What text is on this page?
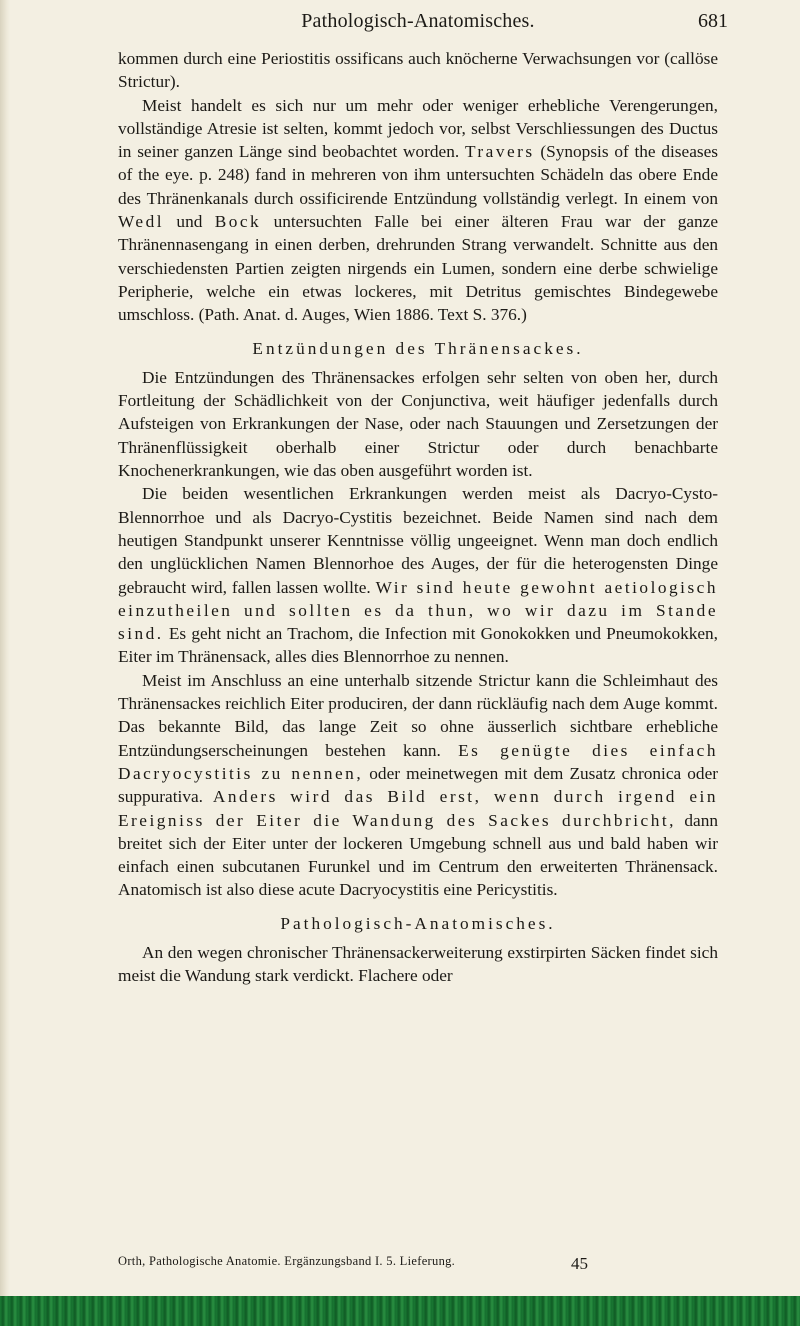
Pathologisch-Anatomisches.	681

kommen durch eine Periostitis ossificans auch knöcherne Verwachsungen vor (callöse Strictur).

Meist handelt es sich nur um mehr oder weniger erhebliche Verengerungen, vollständige Atresie ist selten, kommt jedoch vor, selbst Verschliessungen des Ductus in seiner ganzen Länge sind beobachtet worden. Travers (Synopsis of the diseases of the eye. p. 248) fand in mehreren von ihm untersuchten Schädeln das obere Ende des Thränenkanals durch ossificirende Entzündung vollständig verlegt. In einem von Wedl und Bock untersuchten Falle bei einer älteren Frau war der ganze Thränennasengang in einen derben, drehrunden Strang verwandelt. Schnitte aus den verschiedensten Partien zeigten nirgends ein Lumen, sondern eine derbe schwielige Peripherie, welche ein etwas lockeres, mit Detritus gemischtes Bindegewebe umschloss. (Path. Anat. d. Auges, Wien 1886. Text S. 376.)

Entzündungen des Thränensackes.

Die Entzündungen des Thränensackes erfolgen sehr selten von oben her, durch Fortleitung der Schädlichkeit von der Conjunctiva, weit häufiger jedenfalls durch Aufsteigen von Erkrankungen der Nase, oder nach Stauungen und Zersetzungen der Thränenflüssigkeit oberhalb einer Strictur oder durch benachbarte Knochenerkrankungen, wie das oben ausgeführt worden ist.

Die beiden wesentlichen Erkrankungen werden meist als Dacryo-Cysto-Blennorrhoe und als Dacryo-Cystitis bezeichnet. Beide Namen sind nach dem heutigen Standpunkt unserer Kenntnisse völlig ungeeignet. Wenn man doch endlich den unglücklichen Namen Blennorhoe des Auges, der für die heterogensten Dinge gebraucht wird, fallen lassen wollte. Wir sind heute gewohnt aetiologisch einzutheilen und sollten es da thun, wo wir dazu im Stande sind. Es geht nicht an Trachom, die Infection mit Gonokokken und Pneumokokken, Eiter im Thränensack, alles dies Blennorrhoe zu nennen.

Meist im Anschluss an eine unterhalb sitzende Strictur kann die Schleimhaut des Thränensackes reichlich Eiter produciren, der dann rückläufig nach dem Auge kommt. Das bekannte Bild, das lange Zeit so ohne äusserlich sichtbare erhebliche Entzündungserscheinungen bestehen kann. Es genügte dies einfach Dacryocystitis zu nennen, oder meinetwegen mit dem Zusatz chronica oder suppurativa. Anders wird das Bild erst, wenn durch irgend ein Ereigniss der Eiter die Wandung des Sackes durchbricht, dann breitet sich der Eiter unter der lockeren Umgebung schnell aus und bald haben wir einfach einen subcutanen Furunkel und im Centrum den erweiterten Thränensack. Anatomisch ist also diese acute Dacryocystitis eine Pericystitis.

Pathologisch-Anatomisches.

An den wegen chronischer Thränensackerweiterung exstirpirten Säcken findet sich meist die Wandung stark verdickt. Flachere oder

Orth, Pathologische Anatomie. Ergänzungsband I. 5. Lieferung.	45
